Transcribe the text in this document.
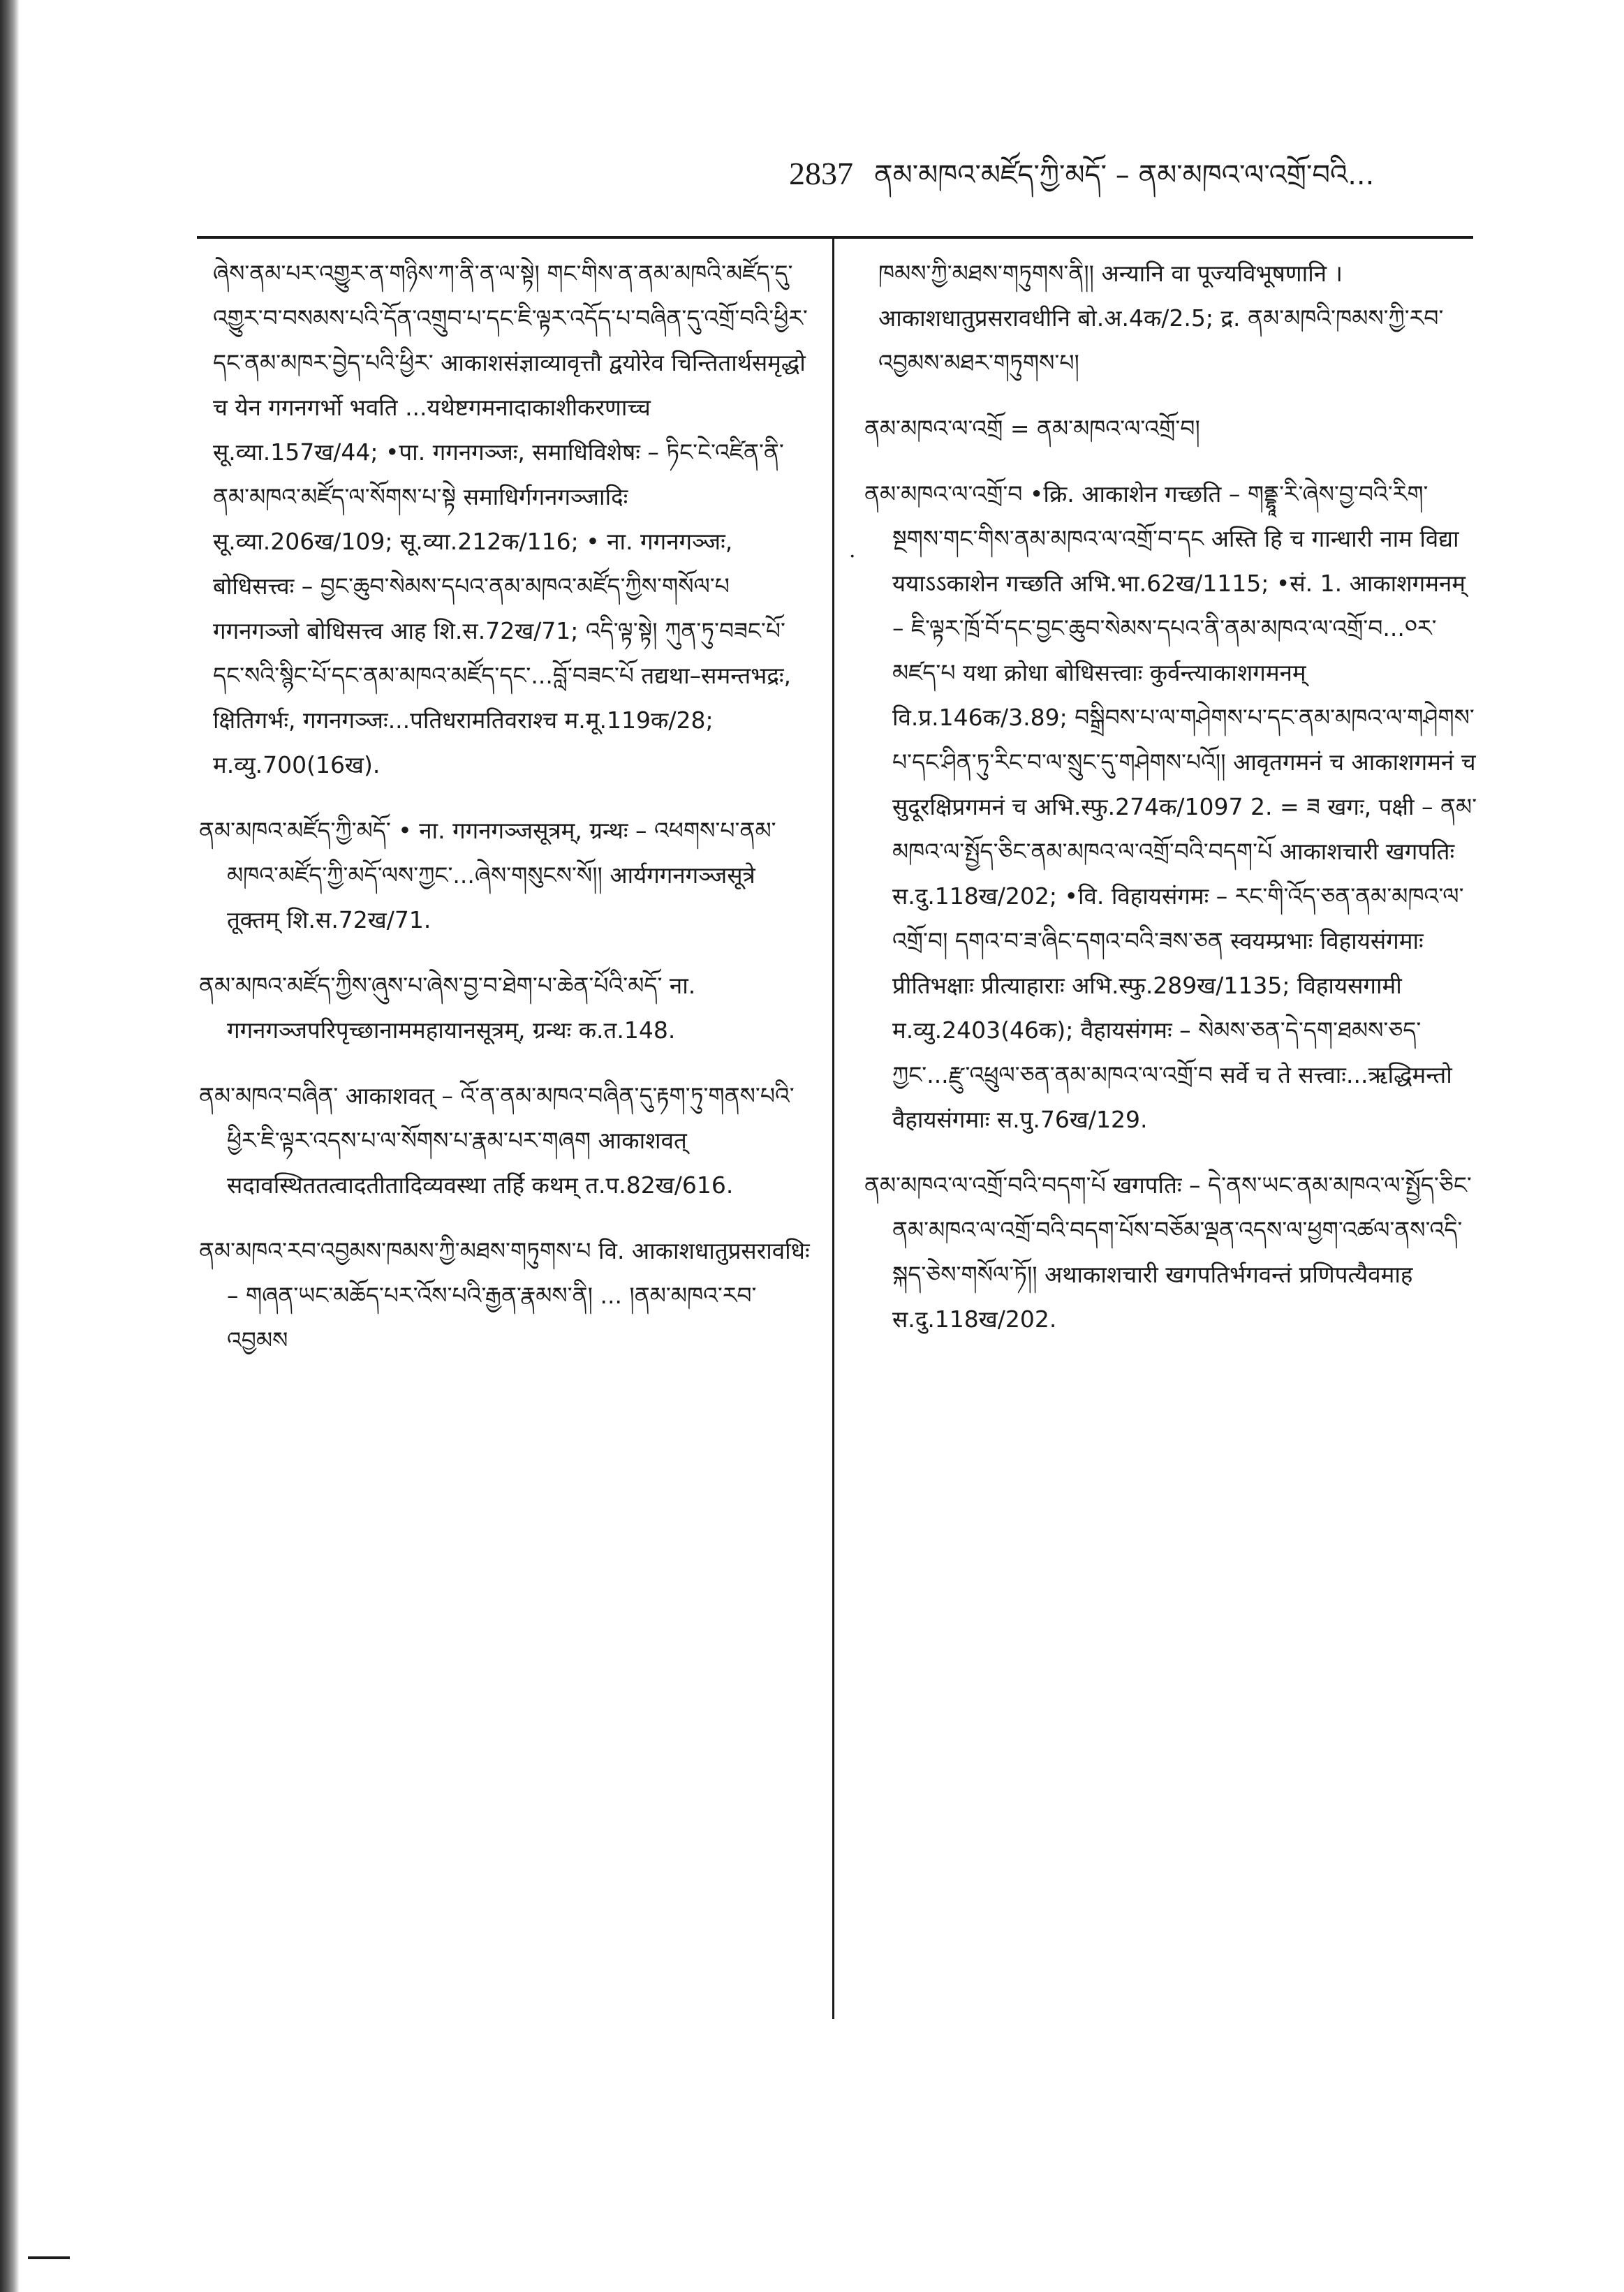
2837 ནམ་མཁའ་མཛོད་ཀྱི་མདོ་ – ནམ་མཁའ་ལ་འགྲོ་བའི...
·

ཞེས་ནམ་པར་འགྱུར་ན་གཉིས་ཀ་ནི་ན་ལ་སྟེ། གང་གིས་ན་ནམ་མཁའི་མཛོད་དུ་འགྱུར་བ་བསམས་པའི་དོན་འགྲུབ་པ་དང་ཇི་ལྟར་འདོད་པ་བཞིན་དུ་འགྲོ་བའི་ཕྱིར་དང་ནམ་མཁར་བྱེད་པའི་ཕྱིར་ आकाशसंज्ञाव्यावृत्तौ द्वयोरेव चिन्तितार्थसमृद्धो च येन गगनगर्भो भवति ...यथेष्टगमनादाकाशीकरणाच्च सू.व्या.157ख/44; •पा. गगनगञ्जः, समाधिविशेषः – ཏིང་ངེ་འཛིན་ནི་ནམ་མཁའ་མཛོད་ལ་སོགས་པ་སྟེ समाधिर्गगनगञ्जादिः सू.व्या.206ख/109; सू.व्या.212क/116; • ना. गगनगञ्जः, बोधिसत्त्वः – བྱང་ཆུབ་སེམས་དཔའ་ནམ་མཁའ་མཛོད་ཀྱིས་གསོལ་པ गगनगञ्जो बोधिसत्त्व आह शि.स.72ख/71; འདི་ལྟ་སྟེ། ཀུན་ཏུ་བཟང་པོ་དང་སའི་སྙིང་པོ་དང་ནམ་མཁའ་མཛོད་དང་...བློ་བཟང་པོ तद्यथा–समन्तभद्रः, क्षितिगर्भः, गगनगञ्जः...पतिधरामतिवराश्च म.मू.119क/28; म.व्यु.700(16ख).

ནམ་མཁའ་མཛོད་ཀྱི་མདོ་ • ना. गगनगञ्जसूत्रम्, ग्रन्थः – འཕགས་པ་ནམ་མཁའ་མཛོད་ཀྱི་མདོ་ལས་ཀྱང་...ཞེས་གསུངས་སོ།། आर्यगगनगञ्जसूत्रे तूक्तम् शि.स.72ख/71.

ནམ་མཁའ་མཛོད་ཀྱིས་ཞུས་པ་ཞེས་བྱ་བ་ཐེག་པ་ཆེན་པོའི་མདོ་ ना. गगनगञ्जपरिपृच्छानाममहायानसूत्रम्, ग्रन्थः क.त.148.

ནམ་མཁའ་བཞིན་ आकाशवत् – འོ་ན་ནམ་མཁའ་བཞིན་དུ་རྟག་ཏུ་གནས་པའི་ཕྱིར་ཇི་ལྟར་འདས་པ་ལ་སོགས་པ་རྣམ་པར་གཞག आकाशवत् सदावस्थिततत्वादतीतादिव्यवस्था तर्हि कथम् त.प.82ख/616.

ནམ་མཁའ་རབ་འབྱམས་ཁམས་ཀྱི་མཐས་གཏུགས་པ वि. आकाशधातुप्रसरावधिः – གཞན་ཡང་མཆོད་པར་འོས་པའི་རྒྱན་རྣམས་ནི། ... །ནམ་མཁའ་རབ་འབྱམས

ཁམས་ཀྱི་མཐས་གཏུགས་ནི།། अन्यानि वा पूज्यविभूषणानि । आकाशधातुप्रसरावधीनि बो.अ.4क/2.5; द्र. ནམ་མཁའི་ཁམས་ཀྱི་རབ་འབྱམས་མཐར་གཏུགས་པ།

ནམ་མཁའ་ལ་འགྲོ = ནམ་མཁའ་ལ་འགྲོ་བ།

ནམ་མཁའ་ལ་འགྲོ་བ •क्रि. आकाशेन गच्छति – གནྡྷཱ་རི་ཞེས་བྱ་བའི་རིག་སྔགས་གང་གིས་ནམ་མཁའ་ལ་འགྲོ་བ་དང अस्ति हि च गान्धारी नाम विद्या ययाऽऽकाशेन गच्छति अभि.भा.62ख/1115; •सं. 1. आकाशगमनम् – ཇི་ལྟར་ཁྲོ་བོ་དང་བྱང་ཆུབ་སེམས་དཔའ་ནི་ནམ་མཁའ་ལ་འགྲོ་བ...༠ར་མཛད་པ यथा क्रोधा बोधिसत्त्वाः कुर्वन्त्याकाशगमनम् वि.प्र.146क/3.89; བསྒྲིབས་པ་ལ་གཤེགས་པ་དང་ནམ་མཁའ་ལ་གཤེགས་པ་དང་ཤིན་ཏུ་རིང་བ་ལ་སྲུང་དུ་གཤེགས་པའོ།། आवृतगमनं च आकाशगमनं च सुदूरक्षिप्रगमनं च अभि.स्फु.274क/1097 2. = ཟ खगः, पक्षी – ནམ་མཁའ་ལ་སྤྱོད་ཅིང་ནམ་མཁའ་ལ་འགྲོ་བའི་བདག་པོ आकाशचारी खगपतिः स.दु.118ख/202; •वि. विहायसंगमः – རང་གི་འོད་ཅན་ནམ་མཁའ་ལ་འགྲོ་བ། དགའ་བ་ཟ་ཞིང་དགའ་བའི་ཟས་ཅན स्वयम्प्रभाः विहायसंगमाः प्रीतिभक्षाः प्रीत्याहाराः अभि.स्फु.289ख/1135; विहायसगामी म.व्यु.2403(46क); वैहायसंगमः – སེམས་ཅན་དེ་དག་ཐམས་ཅད་ཀྱང་...རྫུ་འཕྲུལ་ཅན་ནམ་མཁའ་ལ་འགྲོ་བ सर्वे च ते सत्त्वाः...ऋद्धिमन्तो वैहायसंगमाः स.पु.76ख/129.

ནམ་མཁའ་ལ་འགྲོ་བའི་བདག་པོ खगपतिः – དེ་ནས་ཡང་ནམ་མཁའ་ལ་སྤྱོད་ཅིང་ནམ་མཁའ་ལ་འགྲོ་བའི་བདག་པོས་བཅོམ་ལྡན་འདས་ལ་ཕྱག་འཚལ་ནས་འདི་སྐད་ཅེས་གསོལ་ཏོ།། अथाकाशचारी खगपतिर्भगवन्तं प्रणिपत्यैवमाह स.दु.118ख/202.
